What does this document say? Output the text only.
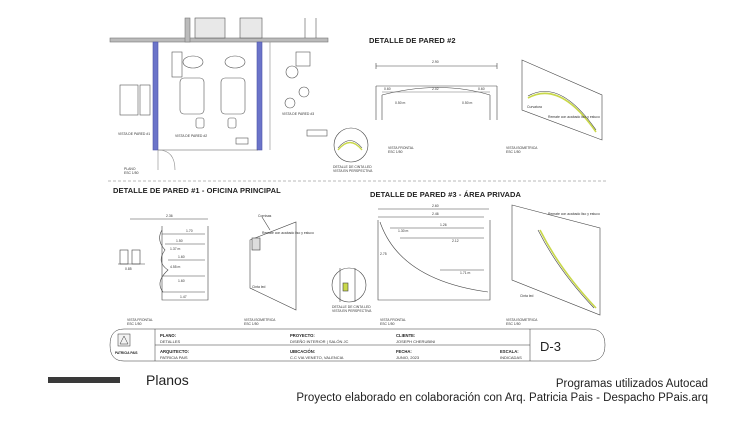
VISTA DE PARED #1	VISTA DE PARED #2
VISTA DE PARED #3
PLANO
ESC 1/50
DETALLE DE PARED #2
2.90
0.60	2.02	0.60
0.50 m	0.50 m
VISTA FRONTAL
ESC 1/50
Curvatura
Remate con acabado liso y estuco
VISTA ISOMETRICA
ESC 1/50
DETALLE DE CINTA LED
VISTA EN PERSPECTIVA
DETALLE DE PARED #1 - OFICINA PRINCIPAL
2.36
1.70
1.50
1.37 m
1.60
4.55 m
1.60
1.47
0.85
VISTA FRONTAL
ESC 1/50
Cornisas
Remate con acabado liso y estuco
Cinta led
VISTA ISOMETRICA
ESC 1/50
DETALLE DE CINTA LED
VISTA EN PERSPECTIVA
DETALLE DE PARED #3 - ÁREA PRIVADA
2.60
2.46
1.26
2.12
1.30 m
1.71 m
2.75
VISTA FRONTAL
ESC 1/50
Remate con acabado liso y estuco
Cinta led
VISTA ISOMETRICA
ESC 1/50
PATRICIA PAIS
PLANO:
DETALLES
PROYECTO:
DISEÑO INTERIOR | SALÓN JC
CLIENTE:
JOSEPH CHERUBINI
ARQUITECTO:
PATRICIA PAIS
UBICACIÓN:
C.C VIA VENETO, VALENCIA
FECHA:
JUNIO, 2023
ESCALA:
INDICADAS
D-3
Planos	Programas utilizados Autocad
Proyecto elaborado en colaboración con Arq. Patricia Pais - Despacho PPais.arq
